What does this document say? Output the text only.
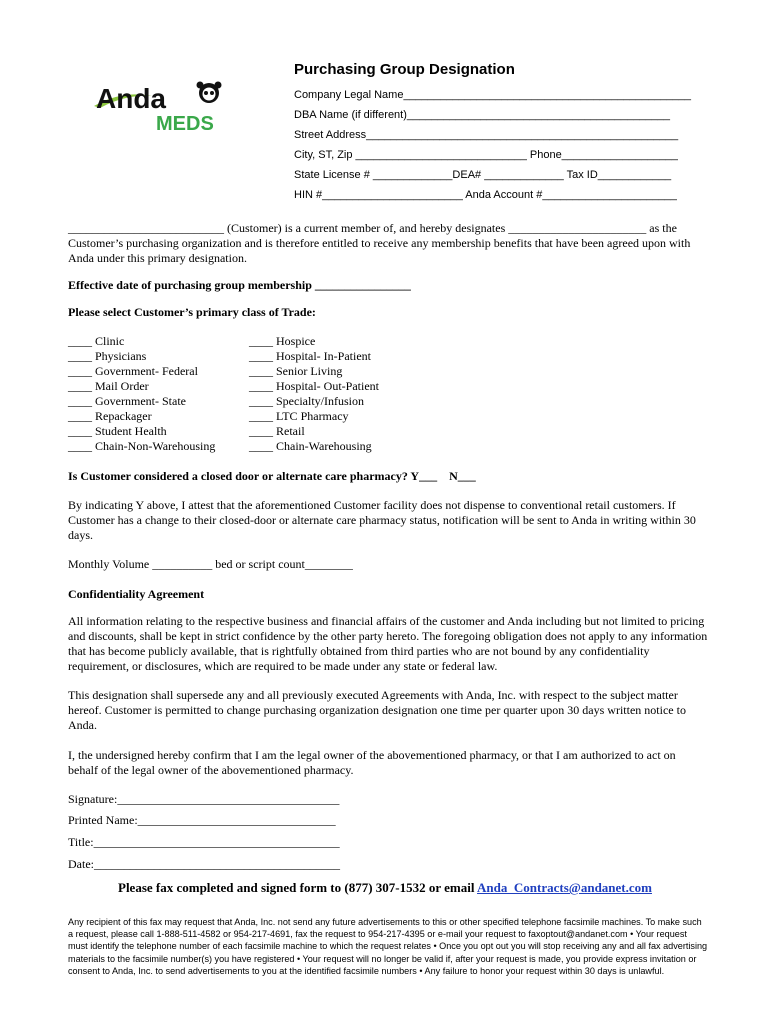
Anda
MEDS
Purchasing Group Designation
Company Legal Name_______________________________________________
DBA Name (if different)___________________________________________
Street Address___________________________________________________
City, ST, Zip ____________________________ Phone___________________
State License # _____________DEA# _____________ Tax ID____________
HIN #_______________________ Anda Account #______________________

__________________________ (Customer) is a current member of, and hereby designates _______________________ as the Customer’s purchasing organization and is therefore entitled to receive any membership benefits that have been agreed upon with Anda under this primary designation.

Effective date of purchasing group membership ________________

Please select Customer’s primary class of Trade:

____ Clinic
____ Physicians
____ Government- Federal
____ Mail Order
____ Government- State
____ Repackager
____ Student Health
____ Chain-Non-Warehousing
____ Hospice
____ Hospital- In-Patient
____ Senior Living
____ Hospital- Out-Patient
____ Specialty/Infusion
____ LTC Pharmacy
____ Retail
____ Chain-Warehousing

Is Customer considered a closed door or alternate care pharmacy? Y___    N___

By indicating Y above, I attest that the aforementioned Customer facility does not dispense to conventional retail customers. If Customer has a change to their closed-door or alternate care pharmacy status, notification will be sent to Anda in writing within 30 days.

Monthly Volume __________ bed or script count________

Confidentiality Agreement

All information relating to the respective business and financial affairs of the customer and Anda including but not limited to pricing and discounts, shall be kept in strict confidence by the other party hereto. The foregoing obligation does not apply to any information that has become publicly available, that is rightfully obtained from third parties who are not bound by any confidentiality requirement, or disclosures, which are required to be made under any state or federal law.

This designation shall supersede any and all previously executed Agreements with Anda, Inc. with respect to the subject matter hereof. Customer is permitted to change purchasing organization designation one time per quarter upon 30 days written notice to Anda.

I, the undersigned hereby confirm that I am the legal owner of the abovementioned pharmacy, or that I am authorized to act on behalf of the legal owner of the abovementioned pharmacy.

Signature:_____________________________________
Printed Name:_________________________________
Title:_________________________________________
Date:_________________________________________
Please fax completed and signed form to (877) 307-1532 or email Anda_Contracts@andanet.com
Any recipient of this fax may request that Anda, Inc. not send any future advertisements to this or other specified telephone facsimile machines. To make such a request, please call 1-888-511-4582 or 954-217-4691, fax the request to 954-217-4395 or e-mail your request to faxoptout@andanet.com • Your request must identify the telephone number of each facsimile machine to which the request relates • Once you opt out you will stop receiving any and all fax advertising materials to the facsimile number(s) you have registered • Your request will no longer be valid if, after your request is made, you provide express invitation or consent to Anda, Inc. to send advertisements to you at the identified facsimile numbers • Any failure to honor your request within 30 days is unlawful.
